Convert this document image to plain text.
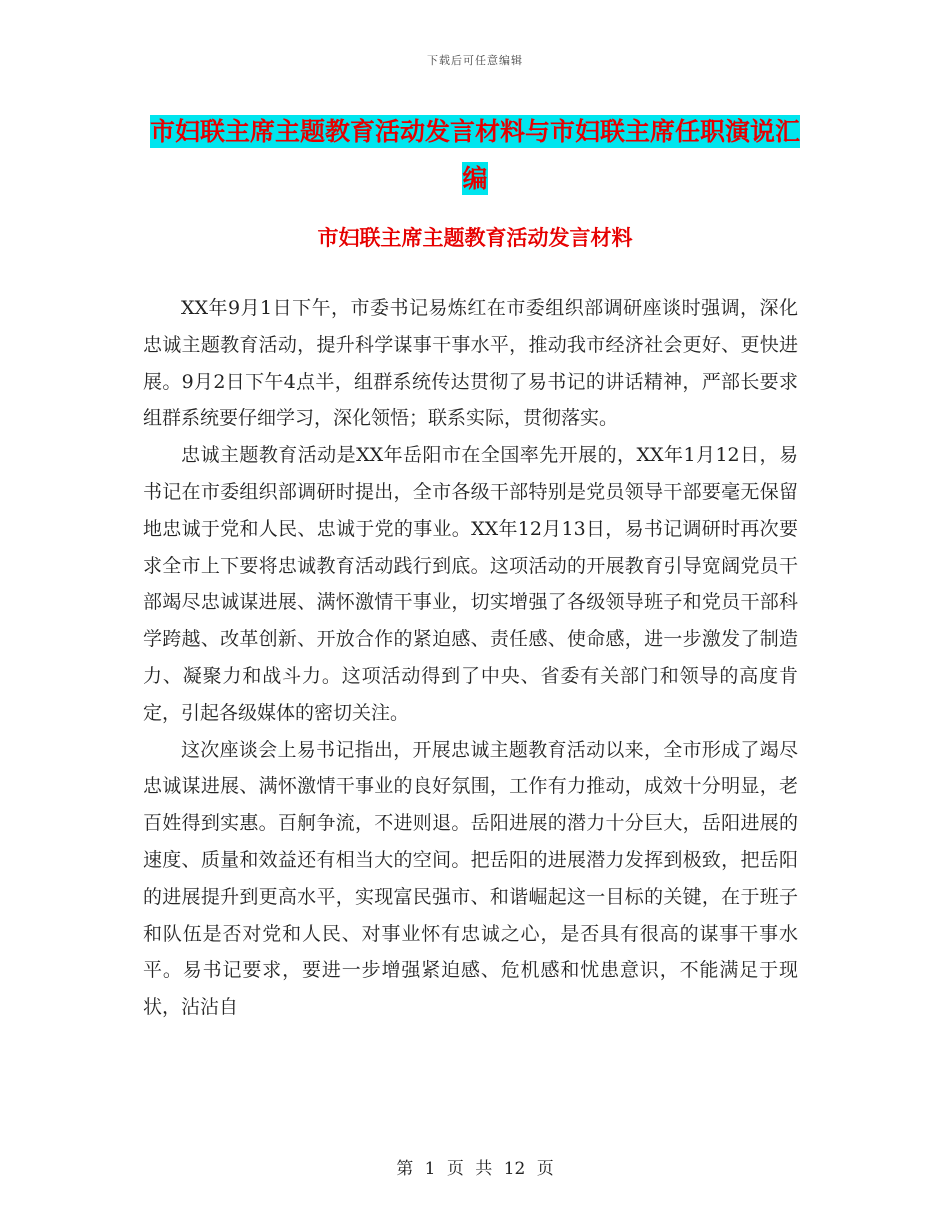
下载后可任意编辑
市妇联主席主题教育活动发言材料与市妇联主席任职演说汇编
市妇联主席主题教育活动发言材料

XX年9月1日下午，市委书记易炼红在市委组织部调研座谈时强调，深化忠诚主题教育活动，提升科学谋事干事水平，推动我市经济社会更好、更快进展。9月2日下午4点半，组群系统传达贯彻了易书记的讲话精神，严部长要求组群系统要仔细学习，深化领悟；联系实际，贯彻落实。

忠诚主题教育活动是XX年岳阳市在全国率先开展的，XX年1月12日，易书记在市委组织部调研时提出，全市各级干部特别是党员领导干部要毫无保留地忠诚于党和人民、忠诚于党的事业。XX年12月13日，易书记调研时再次要求全市上下要将忠诚教育活动践行到底。这项活动的开展教育引导宽阔党员干部竭尽忠诚谋进展、满怀激情干事业，切实增强了各级领导班子和党员干部科学跨越、改革创新、开放合作的紧迫感、责任感、使命感，进一步激发了制造力、凝聚力和战斗力。这项活动得到了中央、省委有关部门和领导的高度肯定，引起各级媒体的密切关注。

这次座谈会上易书记指出，开展忠诚主题教育活动以来，全市形成了竭尽忠诚谋进展、满怀激情干事业的良好氛围，工作有力推动，成效十分明显，老百姓得到实惠。百舸争流，不进则退。岳阳进展的潜力十分巨大，岳阳进展的速度、质量和效益还有相当大的空间。把岳阳的进展潜力发挥到极致，把岳阳的进展提升到更高水平，实现富民强市、和谐崛起这一目标的关键，在于班子和队伍是否对党和人民、对事业怀有忠诚之心，是否具有很高的谋事干事水平。易书记要求，要进一步增强紧迫感、危机感和忧患意识，不能满足于现状，沾沾自

第 1 页 共 12 页
